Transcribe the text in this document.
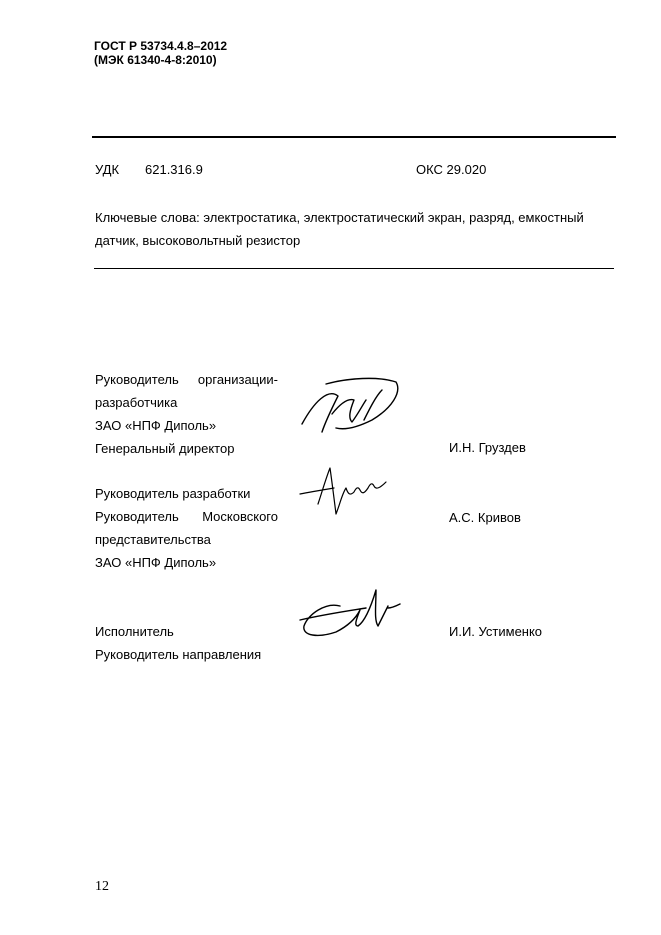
ГОСТ Р 53734.4.8–2012
(МЭК 61340-4-8:2010)
УДК 621.316.9	ОКС 29.020
Ключевые слова: электростатика, электростатический экран, разряд, емкостный
датчик, высоковольтный резистор
Руководитель организации-
разработчика
ЗАО «НПФ Диполь»
Генеральный директор	И.Н. Груздев
Руководитель разработки
Руководитель Московского
представительства
ЗАО «НПФ Диполь»
А.С. Кривов
Исполнитель
Руководитель направления
И.И. Устименко
12
